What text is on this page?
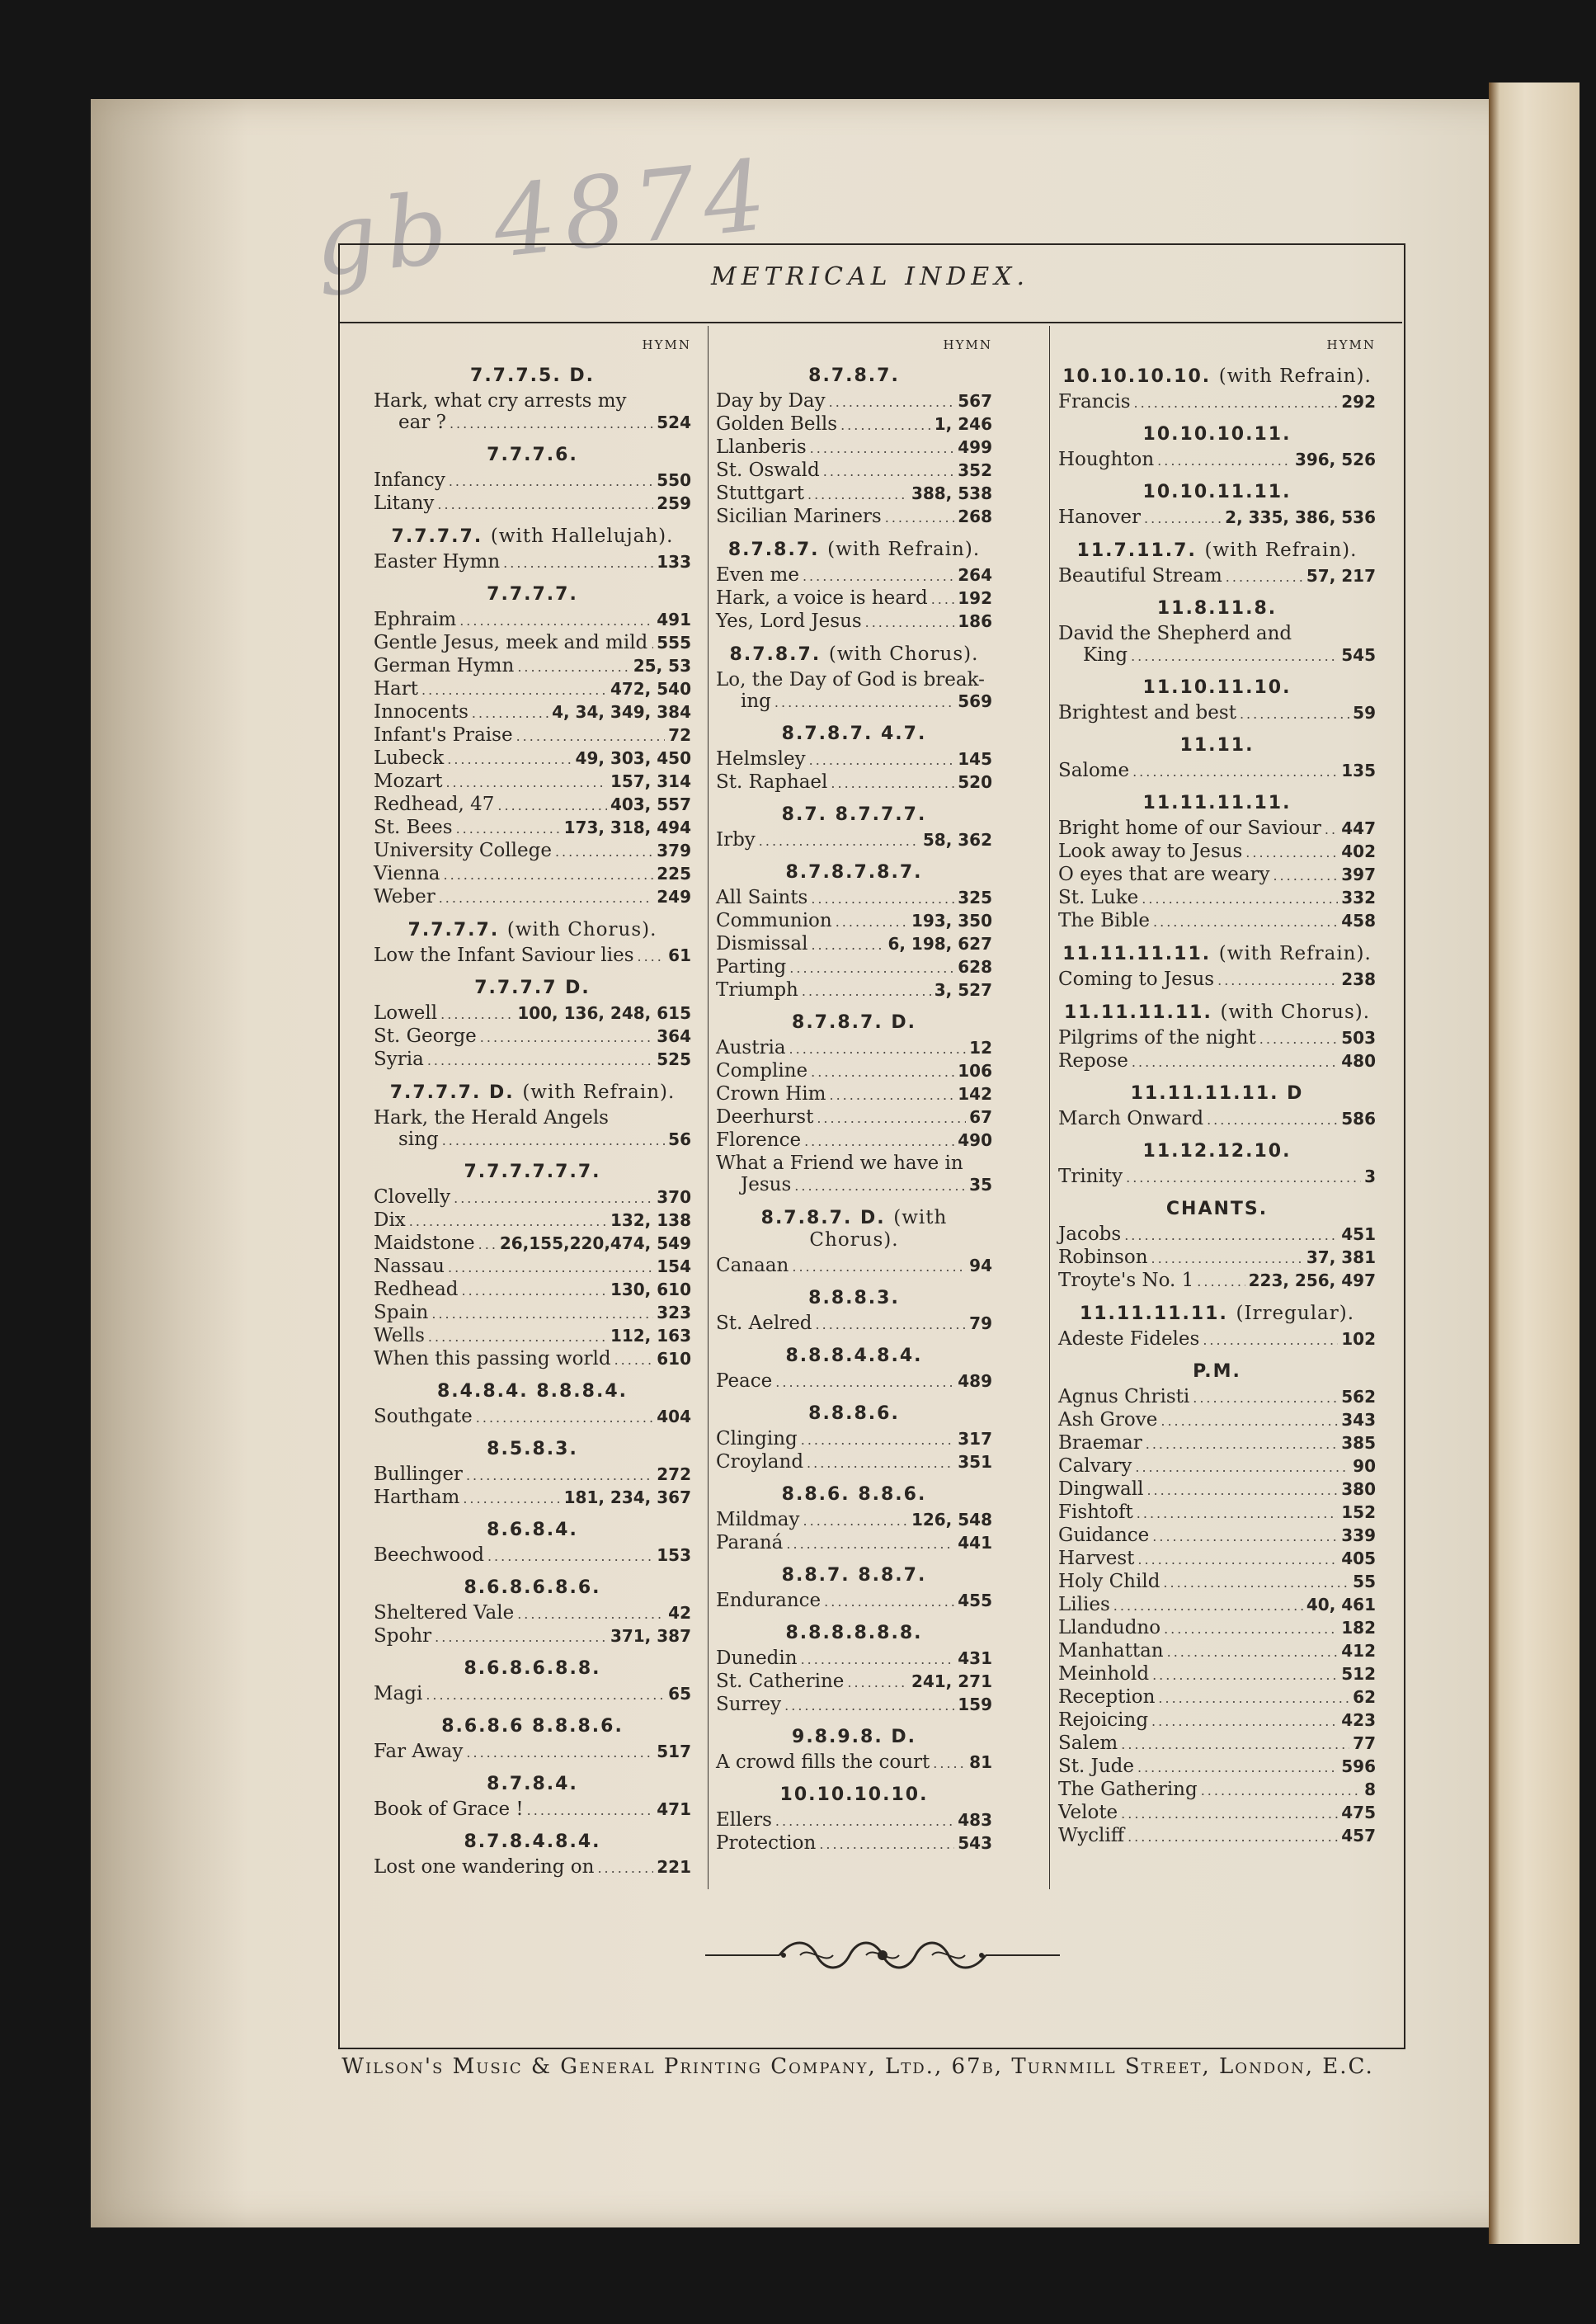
gb 4874
METRICAL INDEX.
HYMN
7.7.7.5. D.
Hark, what cry arrests my
ear ? .....	524
7.7.7.6.
Infancy .....	550
Litany .....	259
7.7.7.7. (with Hallelujah).
Easter Hymn .....	133
7.7.7.7.
Ephraim .....	491
Gentle Jesus, meek and mild ..... 555
German Hymn .....	25, 53
Hart .....	472, 540
Innocents .....	4, 34, 349, 384
Infant's Praise .....	72
Lubeck .....	49, 303, 450
Mozart .....	157, 314
Redhead, 47 .....	403, 557
St. Bees .....	173, 318, 494
University College .....	379
Vienna .....	225
Weber .....	249
7.7.7.7. (with Chorus).
Low the Infant Saviour lies ..... 61
7.7.7.7 D.
Lowell .....	100, 136, 248, 615
St. George .....	364
Syria .....	525
7.7.7.7. D. (with Refrain).
Hark, the Herald Angels
sing .....	56
7.7.7.7.7.7.
Clovelly .....	370
Dix .....	132, 138
Maidstone ..... 26,155,220,474, 549
Nassau .....	154
Redhead .....	130, 610
Spain .....	323
Wells .....	112, 163
When this passing world .....	610
8.4.8.4. 8.8.8.4.
Southgate .....	404
8.5.8.3.
Bullinger .....	272
Hartham .....	181, 234, 367
8.6.8.4.
Beechwood .....	153
8.6.8.6.8.6.
Sheltered Vale .....	42
Spohr .....	371, 387
8.6.8.6.8.8.
Magi .....	65
8.6.8.6 8.8.8.6.
Far Away .....	517
8.7.8.4.
Book of Grace ! .....	471
8.7.8.4.8.4.
Lost one wandering on .....	221
HYMN
8.7.8.7.
Day by Day .....	567
Golden Bells .....	1, 246
Llanberis .....	499
St. Oswald .....	352
Stuttgart .....	388, 538
Sicilian Mariners .....	268
8.7.8.7. (with Refrain).
Even me .....	264
Hark, a voice is heard ..... 192
Yes, Lord Jesus .....	186
8.7.8.7. (with Chorus).
Lo, the Day of God is break-
ing .....	569
8.7.8.7. 4.7.
Helmsley .....	145
St. Raphael .....	520
8.7. 8.7.7.7.
Irby .....	58, 362
8.7.8.7.8.7.
All Saints .....	325
Communion .....	193, 350
Dismissal .....	6, 198, 627
Parting .....	628
Triumph .....	3, 527
8.7.8.7. D.
Austria .....	12
Compline .....	106
Crown Him .....	142
Deerhurst .....	67
Florence .....	490
What a Friend we have in
Jesus .....	35
8.7.8.7. D. (with Chorus).
Canaan .....	94
8.8.8.3.
St. Aelred .....	79
8.8.8.4.8.4.
Peace .....	489
8.8.8.6.
Clinging .....	317
Croyland .....	351
8.8.6. 8.8.6.
Mildmay .....	126, 548
Paraná .....	441
8.8.7. 8.8.7.
Endurance .....	455
8.8.8.8.8.8.
Dunedin .....	431
St. Catherine .....	241, 271
Surrey .....	159
9.8.9.8. D.
A crowd fills the court ..... 81
10.10.10.10.
Ellers .....	483
Protection .....	543
HYMN
10.10.10.10. (with Refrain).
Francis .....	292
10.10.10.11.
Houghton .....	396, 526
10.10.11.11.
Hanover .....	2, 335, 386, 536
11.7.11.7. (with Refrain).
Beautiful Stream .....	57, 217
11.8.11.8.
David the Shepherd and
King .....	545
11.10.11.10.
Brightest and best .....	59
11.11.
Salome .....	135
11.11.11.11.
Bright home of our Saviour ..... 447
Look away to Jesus .....	402
O eyes that are weary .....	397
St. Luke .....	332
The Bible .....	458
11.11.11.11. (with Refrain).
Coming to Jesus .....	238
11.11.11.11. (with Chorus).
Pilgrims of the night .....	503
Repose .....	480
11.11.11.11. D
March Onward .....	586
11.12.12.10.
Trinity .....	3
CHANTS.
Jacobs .....	451
Robinson .....	37, 381
Troyte's No. 1 .....	223, 256, 497
11.11.11.11. (Irregular).
Adeste Fideles .....	102
P.M.
Agnus Christi .....	562
Ash Grove .....	343
Braemar .....	385
Calvary .....	90
Dingwall .....	380
Fishtoft .....	152
Guidance .....	339
Harvest .....	405
Holy Child .....	55
Lilies .....	40, 461
Llandudno .....	182
Manhattan .....	412
Meinhold .....	512
Reception .....	62
Rejoicing .....	423
Salem .....	77
St. Jude .....	596
The Gathering .....	8
Velote .....	475
Wycliff .....	457
Wilson's Music & General Printing Company, Ltd., 67b, Turnmill Street, London, E.C.
